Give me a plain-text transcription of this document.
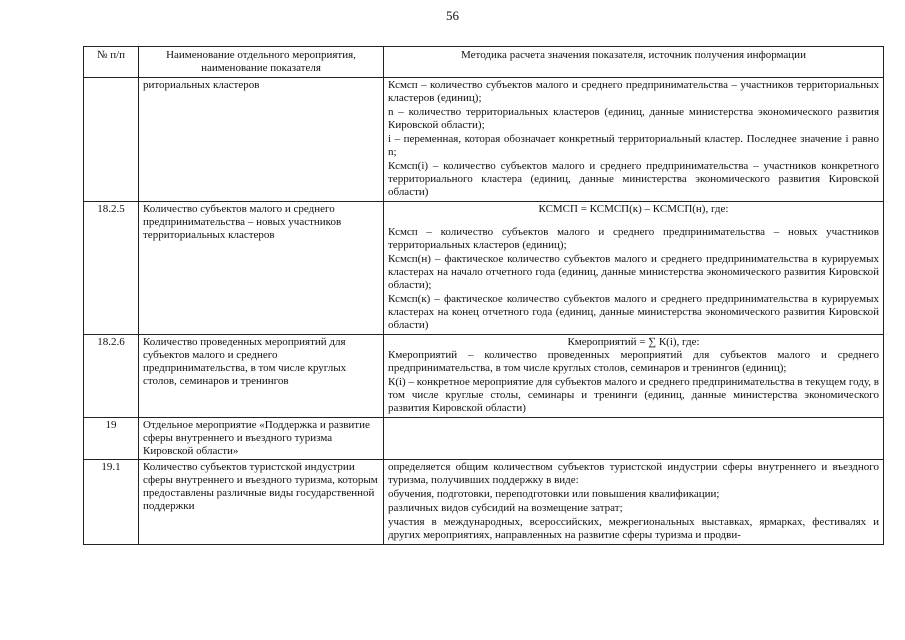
56
№ п/п	Наименование отдельного мероприятия, наименование показателя	Методика расчета значения показателя, источник получения информации
	риториальных кластеров	Ксмсп – количество субъектов малого и среднего предпринимательства – участников территориальных кластеров (единиц);

n – количество территориальных кластеров (единиц, данные министерства экономического развития Кировской области);

i – переменная, которая обозначает конкретный территориальный кластер. Последнее значение i равно n;

Ксмсп(i) – количество субъектов малого и среднего предпринимательства – участников конкретного территориального кластера (единиц, данные министерства экономического развития Кировской области)

18.2.5	Количество субъектов малого и среднего предпринимательства – новых участников территориальных кластеров	КСМСП = КСМСП(к) – КСМСП(н), где:

Ксмсп – количество субъектов малого и среднего предпринимательства – новых участников территориальных кластеров (единиц);

Ксмсп(н) – фактическое количество субъектов малого и среднего предпринимательства в курируемых кластерах на начало отчетного года (единиц, данные министерства экономического развития Кировской области);

Ксмсп(к) – фактическое количество субъектов малого и среднего предпринимательства в курируемых кластерах на конец отчетного года (единиц, данные министерства экономического развития Кировской области)

18.2.6	Количество проведенных мероприятий для субъектов малого и среднего предпринимательства, в том числе круглых столов, семинаров и тренингов	Кмероприятий = ∑ К(i), где:

Кмероприятий – количество проведенных мероприятий для субъектов малого и среднего предпринимательства, в том числе круглых столов, семинаров и тренингов (единиц);

К(i) – конкретное мероприятие для субъектов малого и среднего предпринимательства в текущем году, в том числе круглые столы, семинары и тренинги (единиц, данные министерства экономического развития Кировской области)

19	Отдельное мероприятие «Поддержка и развитие сферы внутреннего и въездного туризма Кировской области»	
19.1	Количество субъектов туристской индустрии сферы внутреннего и въездного туризма, которым предоставлены различные виды государственной поддержки	определяется общим количеством субъектов туристской индустрии сферы внутреннего и въездного туризма, получивших поддержку в виде:

обучения, подготовки, переподготовки или повышения квалификации;

различных видов субсидий на возмещение затрат;

участия в международных, всероссийских, межрегиональных выставках, ярмарках, фестивалях и других мероприятиях, направленных на развитие сферы туризма и продви-
